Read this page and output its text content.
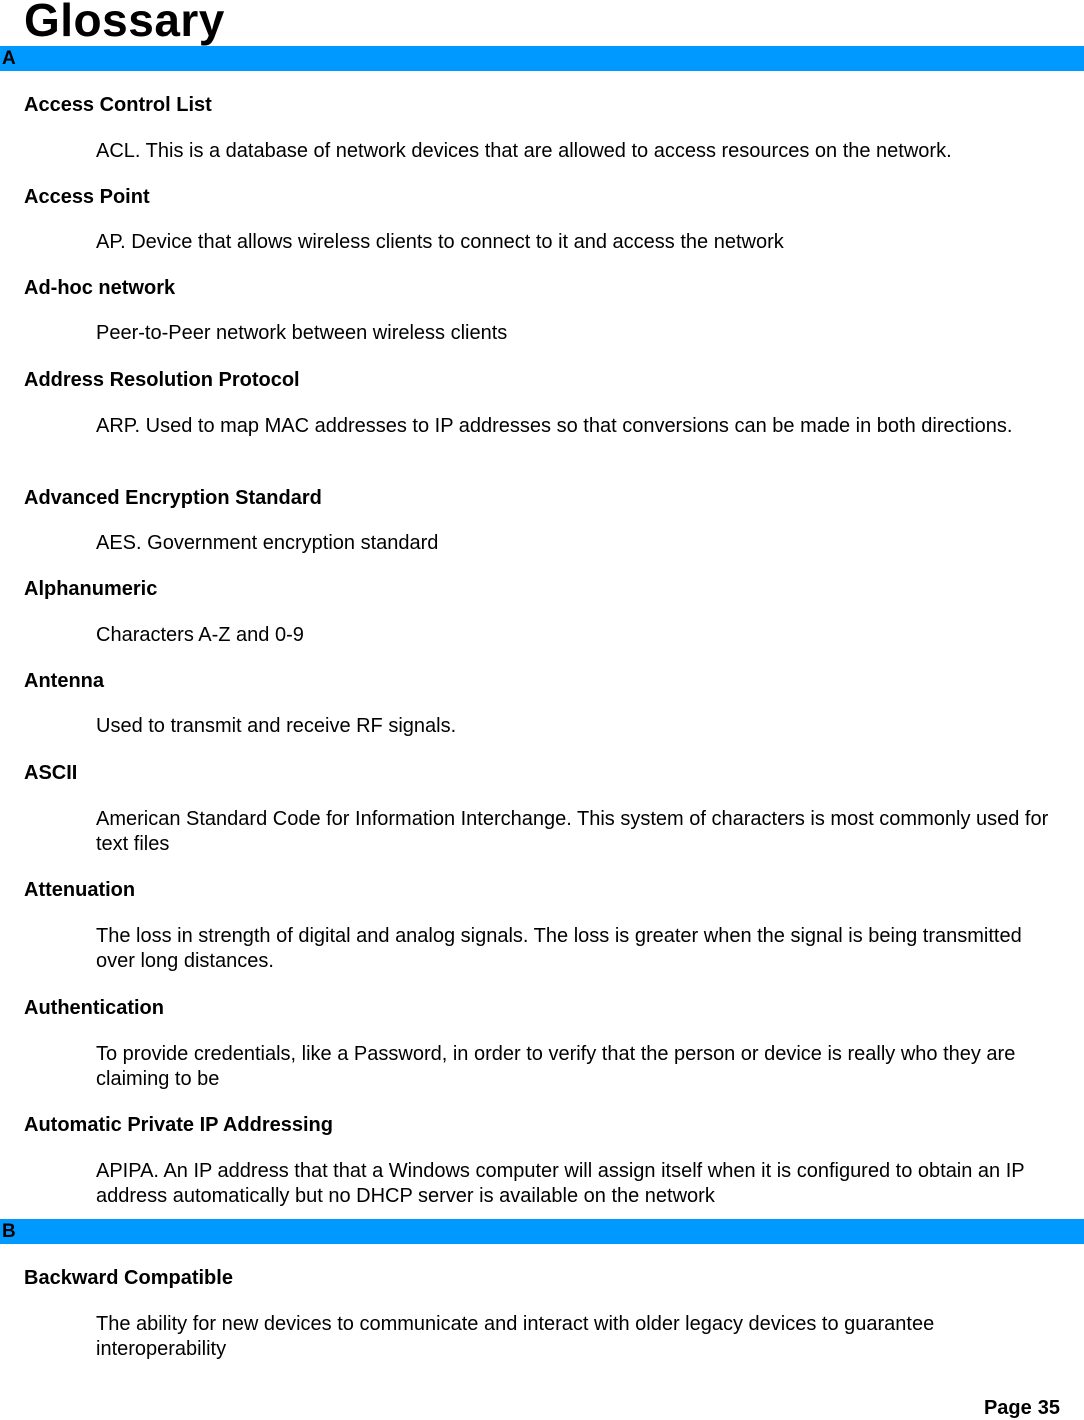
Glossary
A
Access Control List
ACL. This is a database of network devices that are allowed to access resources on the network.
Access Point
AP. Device that allows wireless clients to connect to it and access the network
Ad-hoc network
Peer-to-Peer network between wireless clients
Address Resolution Protocol
ARP. Used to map MAC addresses to IP addresses so that conversions can be made in both directions.
Advanced Encryption Standard
AES. Government encryption standard
Alphanumeric
Characters A-Z and 0-9
Antenna
Used to transmit and receive RF signals.
ASCII
American Standard Code for Information Interchange. This system of characters is most commonly used for text files
Attenuation
The loss in strength of digital and analog signals. The loss is greater when the signal is being transmitted over long distances.
Authentication
To provide credentials, like a Password, in order to verify that the person or device is really who they are claiming to be
Automatic Private IP Addressing
APIPA. An IP address that that a Windows computer will assign itself when it is configured to obtain an IP address automatically but no DHCP server is available on the network
B
Backward Compatible
The ability for new devices to communicate and interact with older legacy devices to guarantee interoperability
Page 35
